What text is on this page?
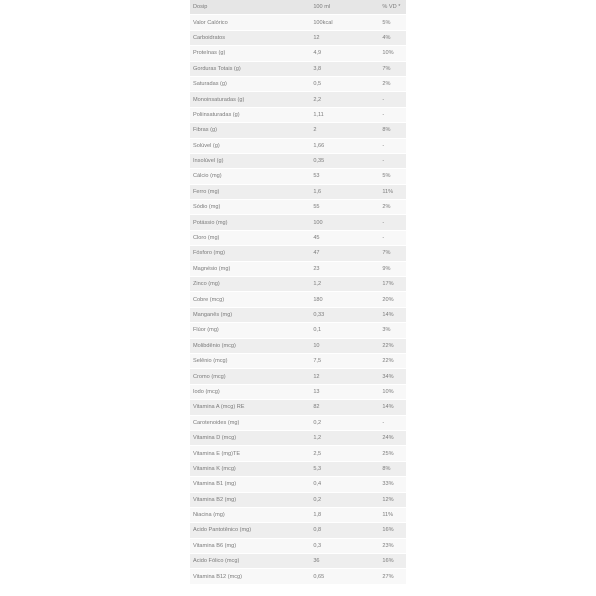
Dosip	100 ml	% VD *
Valor Calórico	100kcal	5%
Carboidratos	12	4%
Proteínas (g)	4,9	10%
Gorduras Totais (g)	3,8	7%
Saturadas (g)	0,5	2%
Monoinsaturadas (g)	2,2	-
Poliinsaturadas (g)	1,11	-
Fibras (g)	2	8%
Solúvel (g)	1,66	-
Insolúvel (g)	0,35	-
Cálcio (mg)	53	5%
Ferro (mg)	1,6	11%
Sódio (mg)	55	2%
Potássio (mg)	100	-
Cloro (mg)	45	-
Fósforo (mg)	47	7%
Magnésio (mg)	23	9%
Zinco (mg)	1,2	17%
Cobre (mcg)	180	20%
Manganês (mg)	0,33	14%
Flúor (mg)	0,1	3%
Molibdênio (mcg)	10	22%
Selênio (mcg)	7,5	22%
Cromo (mcg)	12	34%
Iodo (mcg)	13	10%
Vitamina A (mcg) RE	82	14%
Carotenoides (mg)	0,2	-
Vitamina D (mcg)	1,2	24%
Vitamina E (mg)TE	2,5	25%
Vitamina K (mcg)	5,3	8%
Vitamina B1 (mg)	0,4	33%
Vitamina B2 (mg)	0,2	12%
Niacina (mg)	1,8	11%
Ácido Pantotênico (mg)	0,8	16%
Vitamina B6 (mg)	0,3	23%
Ácido Fólico (mcg)	36	16%
Vitamina B12 (mcg)	0,65	27%
